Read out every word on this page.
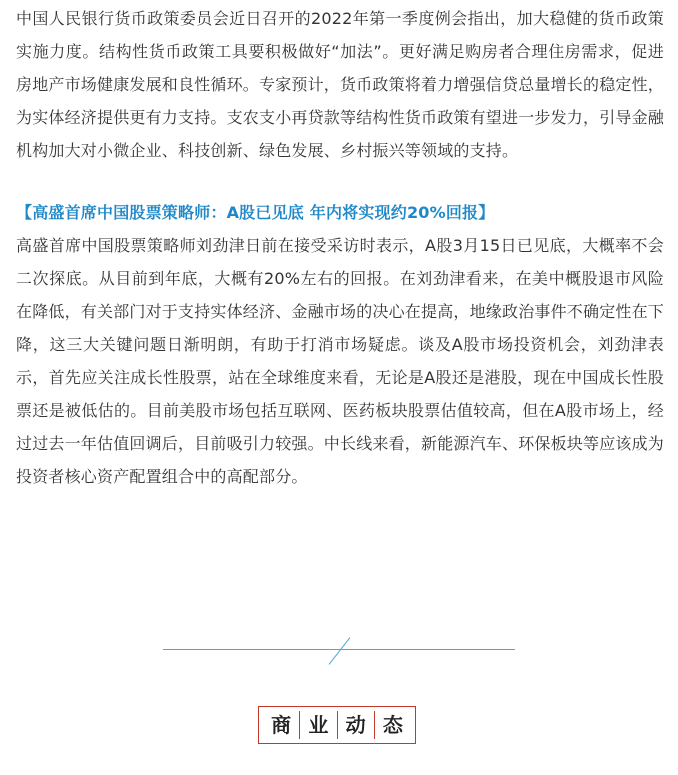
中国人民银行货币政策委员会近日召开的2022年第一季度例会指出，加大稳健的货币政策实施力度。结构性货币政策工具要积极做好“加法”。更好满足购房者合理住房需求，促进房地产市场健康发展和良性循环。专家预计，货币政策将着力增强信贷总量增长的稳定性，为实体经济提供更有力支持。支农支小再贷款等结构性货币政策有望进一步发力，引导金融机构加大对小微企业、科技创新、绿色发展、乡村振兴等领域的支持。

【高盛首席中国股票策略师：A股已见底 年内将实现约20%回报】

高盛首席中国股票策略师刘劲津日前在接受采访时表示，A股3月15日已见底，大概率不会二次探底。从目前到年底，大概有20%左右的回报。在刘劲津看来，在美中概股退市风险在降低，有关部门对于支持实体经济、金融市场的决心在提高，地缘政治事件不确定性在下降，这三大关键问题日渐明朗，有助于打消市场疑虑。谈及A股市场投资机会，刘劲津表示，首先应关注成长性股票，站在全球维度来看，无论是A股还是港股，现在中国成长性股票还是被低估的。目前美股市场包括互联网、医药板块股票估值较高，但在A股市场上，经过过去一年估值回调后，目前吸引力较强。中长线来看，新能源汽车、环保板块等应该成为投资者核心资产配置组合中的高配部分。

商 业 动 态
